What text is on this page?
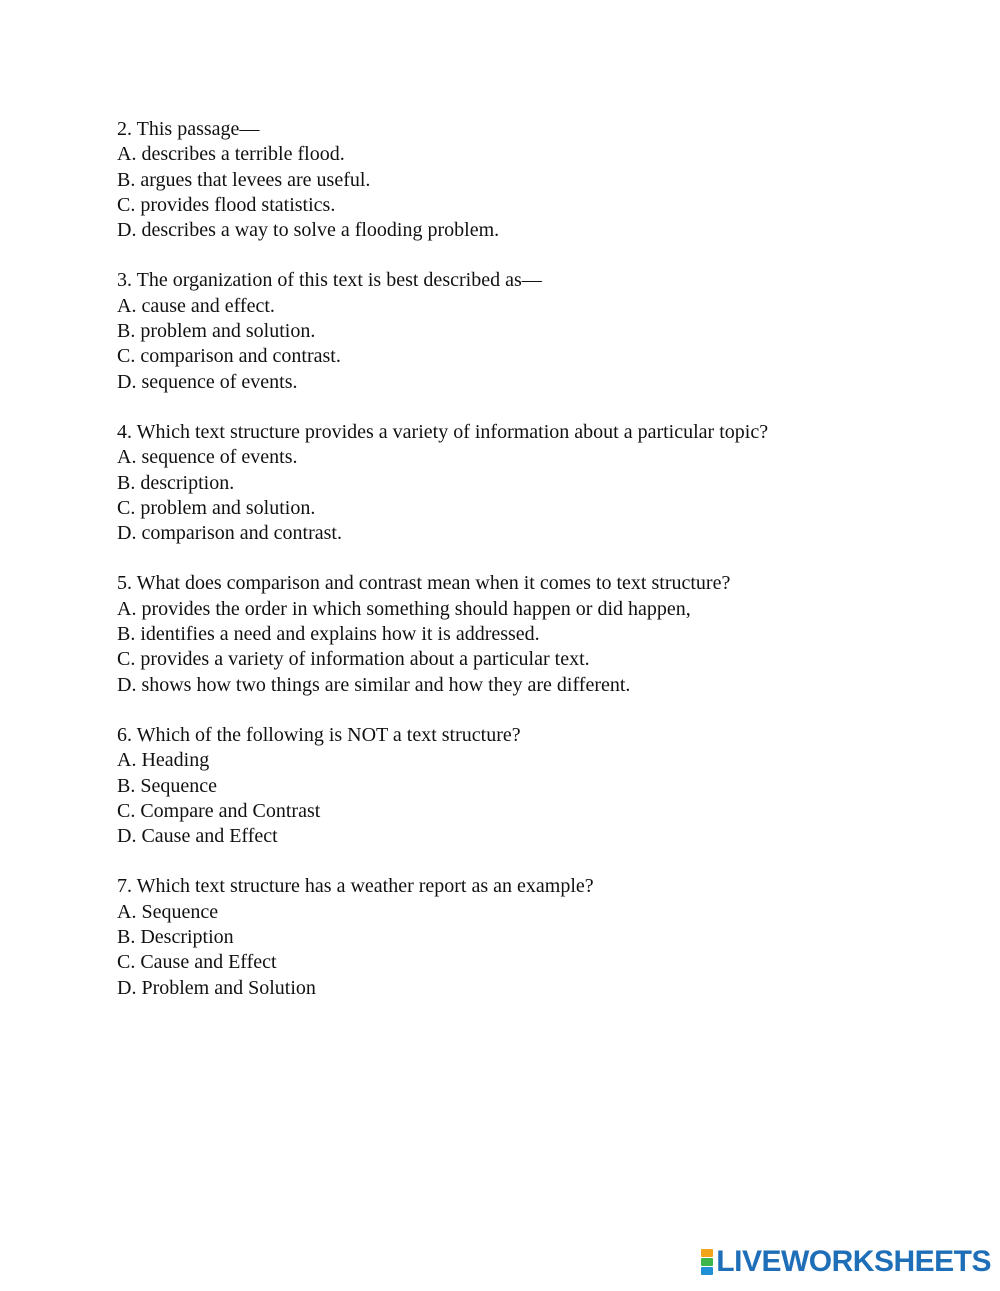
2. This passage—
A. describes a terrible flood.
B. argues that levees are useful.
C. provides flood statistics.
D. describes a way to solve a flooding problem.
3. The organization of this text is best described as—
A. cause and effect.
B. problem and solution.
C. comparison and contrast.
D. sequence of events.
4. Which text structure provides a variety of information about a particular topic?
A. sequence of events.
B. description.
C. problem and solution.
D. comparison and contrast.
5. What does comparison and contrast mean when it comes to text structure?
A. provides the order in which something should happen or did happen,
B. identifies a need and explains how it is addressed.
C. provides a variety of information about a particular text.
D. shows how two things are similar and how they are different.
6. Which of the following is NOT a text structure?
A. Heading
B. Sequence
C. Compare and Contrast
D. Cause and Effect
7. Which text structure has a weather report as an example?
A. Sequence
B. Description
C. Cause and Effect
D. Problem and Solution
LIVEWORKSHEETS
